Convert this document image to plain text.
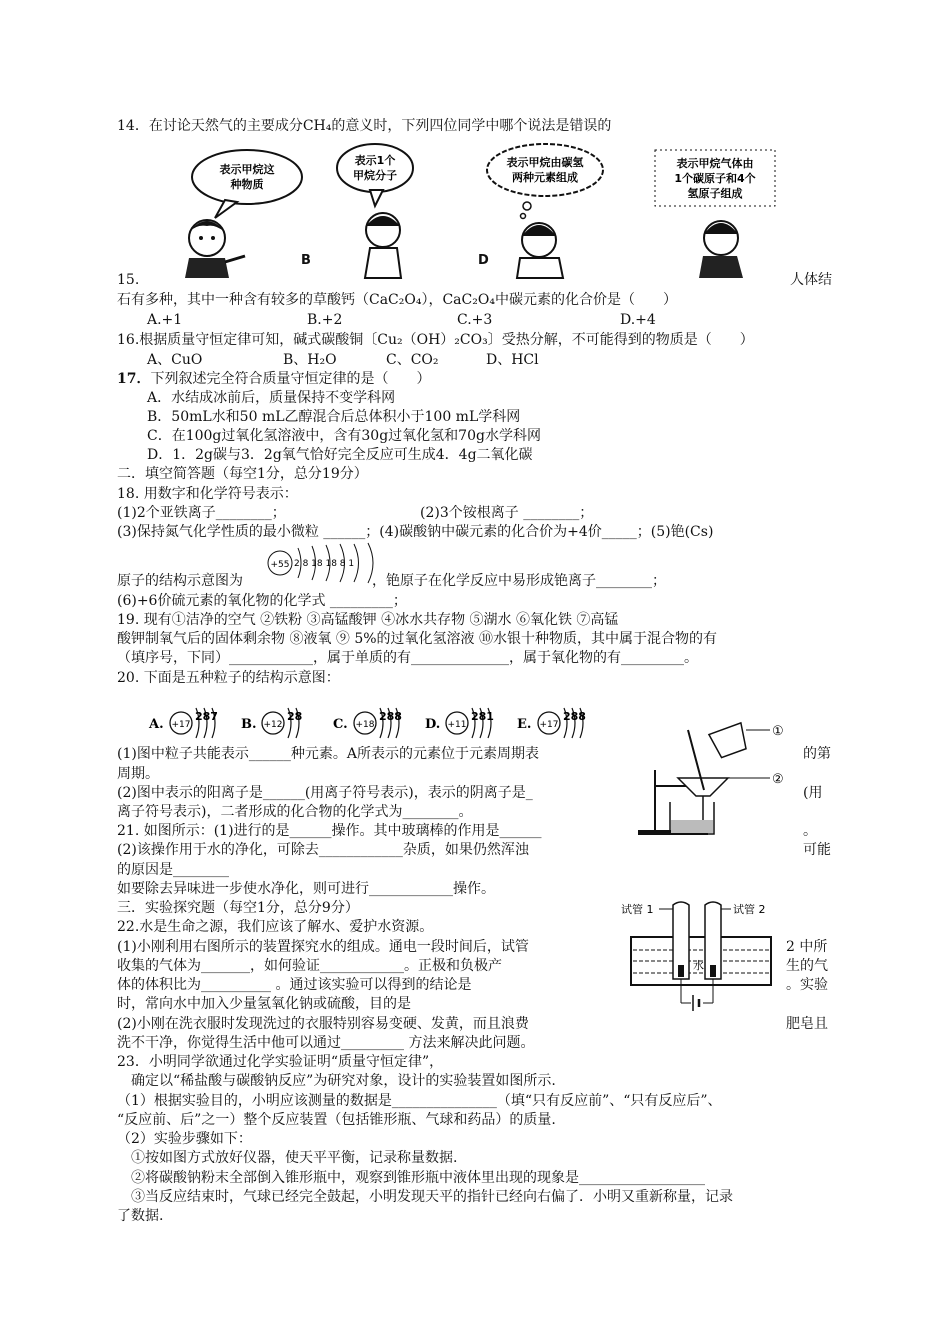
14．在讨论天然气的主要成分CH₄的意义时，下列四位同学中哪个说法是错误的
表示甲烷这
种物质
表示1个
甲烷分子
表示甲烷由碳氢
两种元素组成
表示甲烷气体由
1个碳原子和4个
氢原子组成
B	D
15.	人体结
石有多种，其中一种含有较多的草酸钙（CaC₂O₄），CaC₂O₄中碳元素的化合价是（　　）
A.+1	B.+2	C.+3	D.+4
16.根据质量守恒定律可知，碱式碳酸铜〔Cu₂（OH）₂CO₃〕受热分解，不可能得到的物质是（　　）
A、CuO	B、H₂O	C、CO₂	D、HCl
17．下列叙述完全符合质量守恒定律的是（　　）
A．水结成冰前后，质量保持不变学科网
B．50mL水和50 mL乙醇混合后总体积小于100 mL学科网
C．在100g过氧化氢溶液中，含有30g过氧化氢和70g水学科网
D．1．2g碳与3．2g氧气恰好完全反应可生成4．4g二氧化碳
二．填空简答题（每空1分，总分19分）
18. 用数字和化学符号表示：
(1)2个亚铁离子________；	(2)3个铵根离子 ________；
(3)保持氮气化学性质的最小微粒 ______；(4)碳酸钠中碳元素的化合价为+4价_____；(5)铯(Cs)
+55 2 8 18 18 8 1
原子的结构示意图为	，铯原子在化学反应中易形成铯离子________；
(6)+6价硫元素的氧化物的化学式 _________；
19. 现有①洁净的空气 ②铁粉 ③高锰酸钾 ④冰水共存物 ⑤湖水 ⑥氧化铁 ⑦高锰
酸钾制氧气后的固体剩余物 ⑧液氧 ⑨ 5%的过氧化氢溶液 ⑩水银十种物质，其中属于混合物的有
（填序号，下同）____________，属于单质的有______________，属于氧化物的有_________。
20. 下面是五种粒子的结构示意图：
A. +17
287
B. +12
28
C. +18
288
D. +11
281
E. +17
288
(1)图中粒子共能表示______种元素。A所表示的元素位于元素周期表	的第
周期。
(2)图中表示的阳离子是______(用离子符号表示)，表示的阴离子是_	(用
离子符号表示)，二者形成的化合物的化学式为________。
①
②
21. 如图所示：(1)进行的是______操作。其中玻璃棒的作用是______	。
(2)该操作用于水的净化，可除去____________杂质，如果仍然浑浊	可能
的原因是________
如要除去异味进一步使水净化，则可进行____________操作。
三．实验探究题（每空1分，总分9分）	试管 1	试管 2
水
22.水是生命之源，我们应该了解水、爱护水资源。
(1)小刚利用右图所示的装置探究水的组成。通电一段时间后，试管	2 中所
收集的气体为_______，如何验证____________。正极和负极产	生的气
体的体积比为__________ 。通过该实验可以得到的结论是	。实验
时，常向水中加入少量氢氧化钠或硫酸，目的是
(2)小刚在洗衣服时发现洗过的衣服特别容易变硬、发黄，而且浪费	肥皂且
洗不干净，你觉得生活中他可以通过_________ 方法来解决此问题。
23．小明同学欲通过化学实验证明“质量守恒定律”，
　确定以“稀盐酸与碳酸钠反应”为研究对象，设计的实验装置如图所示.
（1）根据实验目的，小明应该测量的数据是_______________（填“只有反应前”、“只有反应后”、
“反应前、后”之一）整个反应装置（包括锥形瓶、气球和药品）的质量.
（2）实验步骤如下：
　①按如图方式放好仪器，使天平平衡，记录称量数据.
　②将碳酸钠粉末全部倒入锥形瓶中，观察到锥形瓶中液体里出现的现象是__________________
　③当反应结束时，气球已经完全鼓起，小明发现天平的指针已经向右偏了．小明又重新称量，记录
了数据.
